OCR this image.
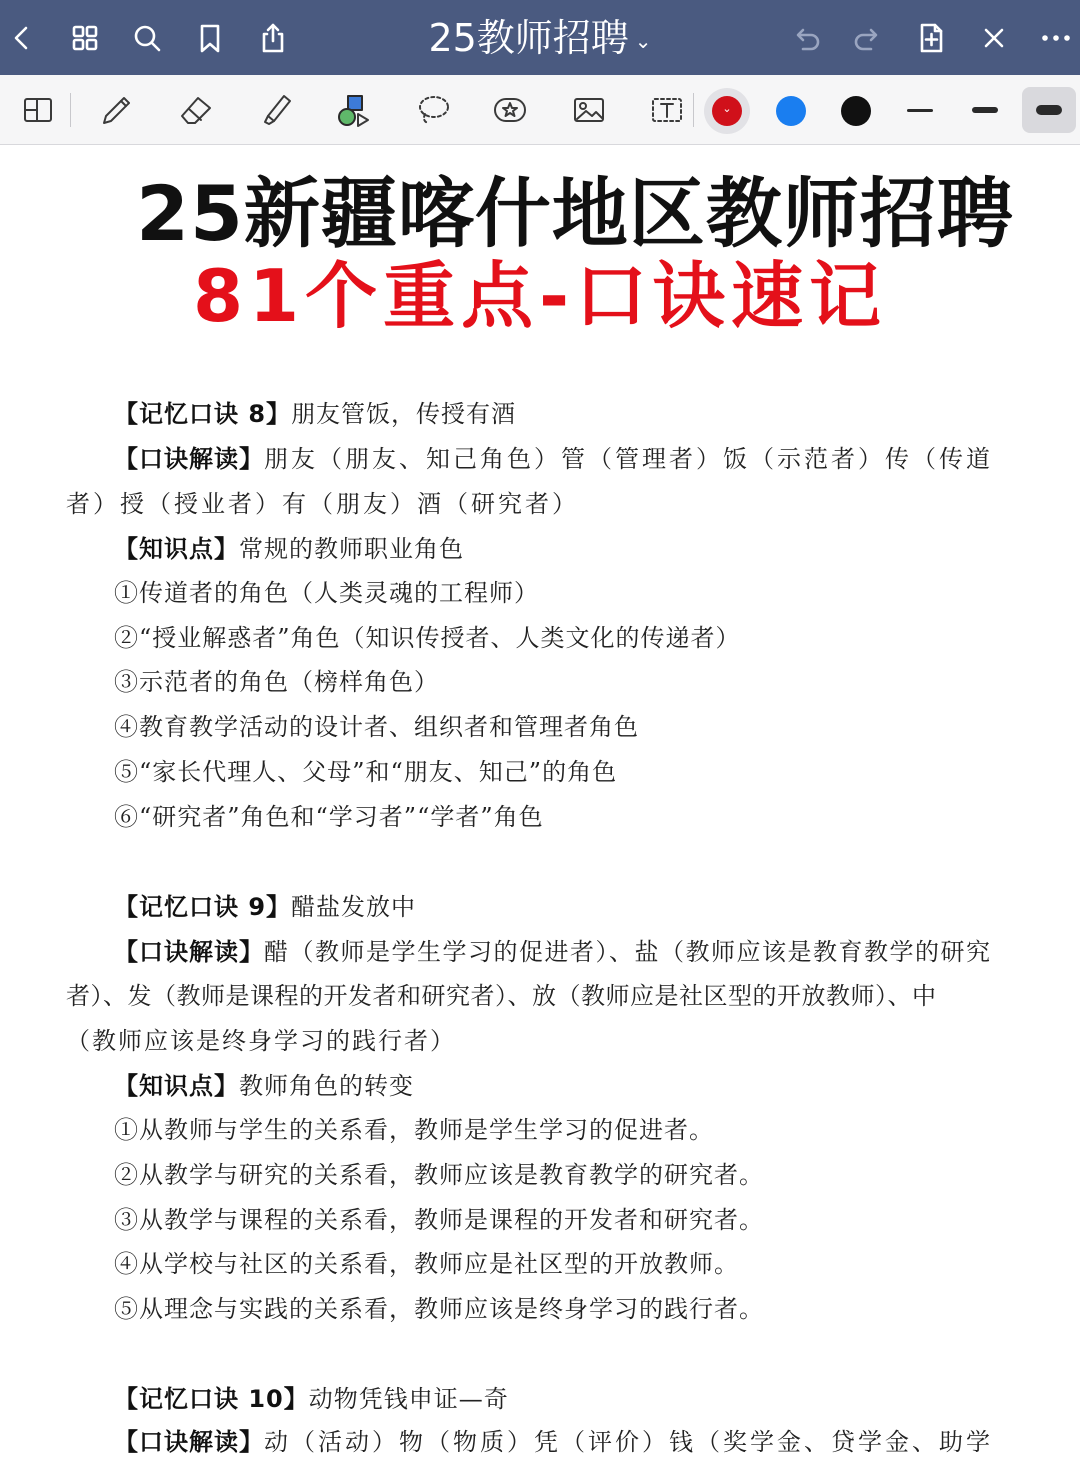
25教师招聘 ⌄
⌄
25新疆喀什地区教师招聘
81个重点-口诀速记
【记忆口诀 8】朋友管饭，传授有酒
【口诀解读】朋友（朋友、知己角色）管（管理者）饭（示范者）传（传道
者）授（授业者）有（朋友）酒（研究者）
【知识点】常规的教师职业角色
①传道者的角色（人类灵魂的工程师）
②“授业解惑者”角色（知识传授者、人类文化的传递者）
③示范者的角色（榜样角色）
④教育教学活动的设计者、组织者和管理者角色
⑤“家长代理人、父母”和“朋友、知己”的角色
⑥“研究者”角色和“学习者”“学者”角色
【记忆口诀 9】醋盐发放中
【口诀解读】醋（教师是学生学习的促进者）、盐（教师应该是教育教学的研究
者）、发（教师是课程的开发者和研究者）、放（教师应是社区型的开放教师）、中
（教师应该是终身学习的践行者）
【知识点】教师角色的转变
①从教师与学生的关系看，教师是学生学习的促进者。
②从教学与研究的关系看，教师应该是教育教学的研究者。
③从教学与课程的关系看，教师是课程的开发者和研究者。
④从学校与社区的关系看，教师应是社区型的开放教师。
⑤从理念与实践的关系看，教师应该是终身学习的践行者。
【记忆口诀 10】动物凭钱申证—奇
【口诀解读】动（活动）物（物质）凭（评价）钱（奖学金、贷学金、助学
